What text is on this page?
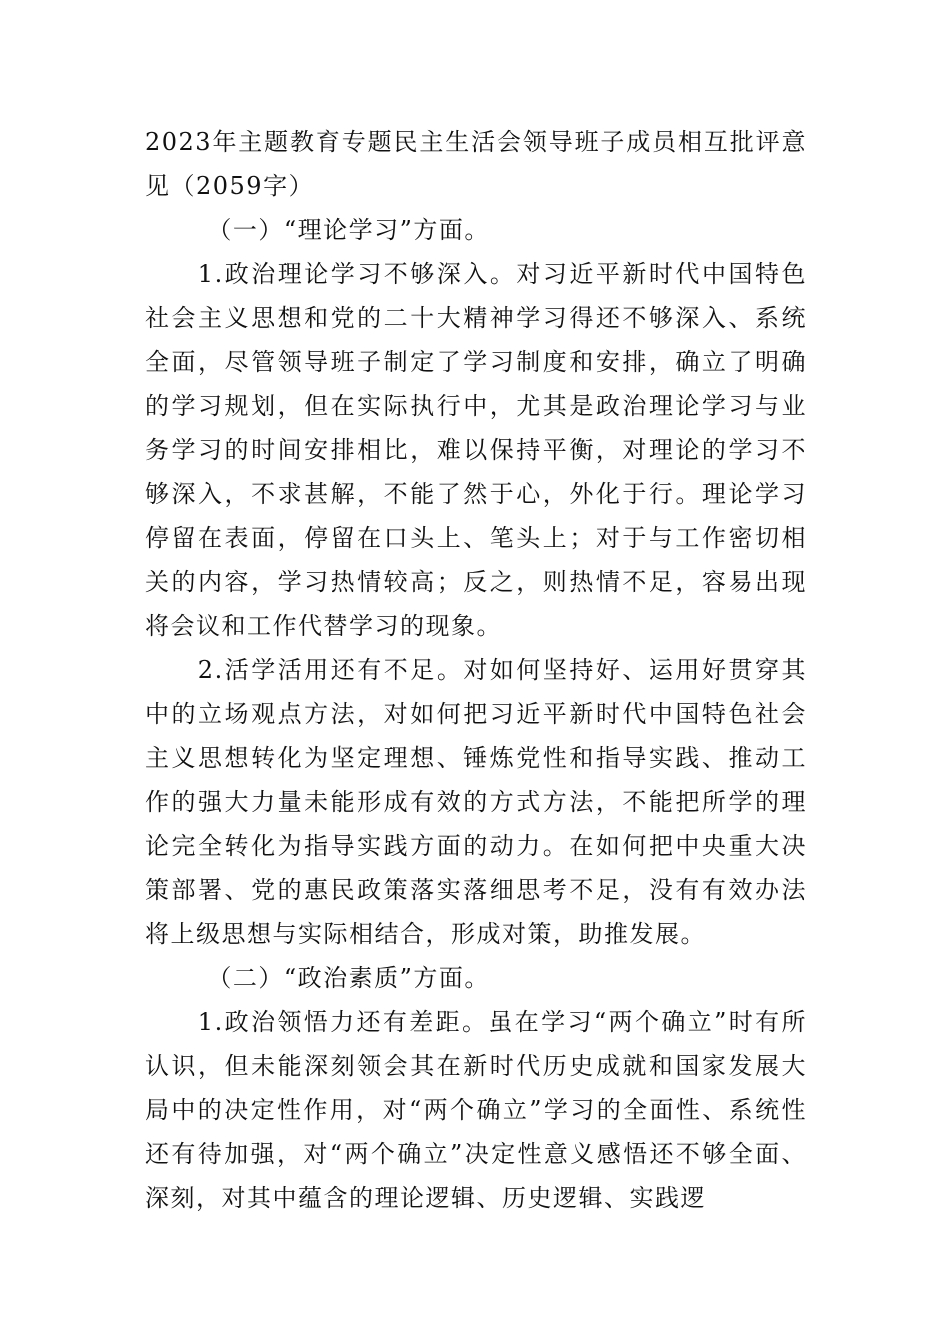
2023年主题教育专题民主生活会领导班子成员相互批评意见（2059字）

（一）“理论学习”方面。

1.政治理论学习不够深入。对习近平新时代中国特色社会主义思想和党的二十大精神学习得还不够深入、系统全面，尽管领导班子制定了学习制度和安排，确立了明确的学习规划，但在实际执行中，尤其是政治理论学习与业务学习的时间安排相比，难以保持平衡，对理论的学习不够深入，不求甚解，不能了然于心，外化于行。理论学习停留在表面，停留在口头上、笔头上；对于与工作密切相关的内容，学习热情较高；反之，则热情不足，容易出现将会议和工作代替学习的现象。

2.活学活用还有不足。对如何坚持好、运用好贯穿其中的立场观点方法，对如何把习近平新时代中国特色社会主义思想转化为坚定理想、锤炼党性和指导实践、推动工作的强大力量未能形成有效的方式方法，不能把所学的理论完全转化为指导实践方面的动力。在如何把中央重大决策部署、党的惠民政策落实落细思考不足，没有有效办法将上级思想与实际相结合，形成对策，助推发展。

（二）“政治素质”方面。

1.政治领悟力还有差距。虽在学习“两个确立”时有所认识，但未能深刻领会其在新时代历史成就和国家发展大局中的决定性作用，对“两个确立”学习的全面性、系统性还有待加强，对“两个确立”决定性意义感悟还不够全面、深刻，对其中蕴含的理论逻辑、历史逻辑、实践逻
